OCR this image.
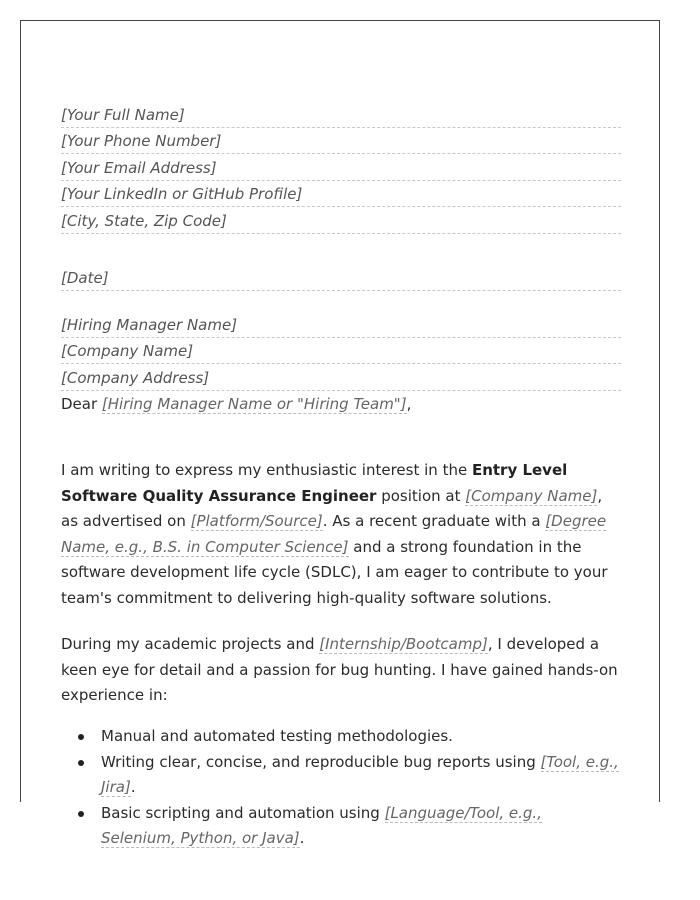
[Your Full Name]
[Your Phone Number]
[Your Email Address]
[Your LinkedIn or GitHub Profile]
[City, State, Zip Code]
[Date]
[Hiring Manager Name]
[Company Name]
[Company Address]
Dear [Hiring Manager Name or "Hiring Team"],
I am writing to express my enthusiastic interest in the Entry Level Software Quality Assurance Engineer position at [Company Name], as advertised on [Platform/Source]. As a recent graduate with a [Degree Name, e.g., B.S. in Computer Science] and a strong foundation in the software development life cycle (SDLC), I am eager to contribute to your team's commitment to delivering high-quality software solutions.
During my academic projects and [Internship/Bootcamp], I developed a keen eye for detail and a passion for bug hunting. I have gained hands-on experience in:
Manual and automated testing methodologies.
Writing clear, concise, and reproducible bug reports using [Tool, e.g., Jira].
Basic scripting and automation using [Language/Tool, e.g., Selenium, Python, or Java].
